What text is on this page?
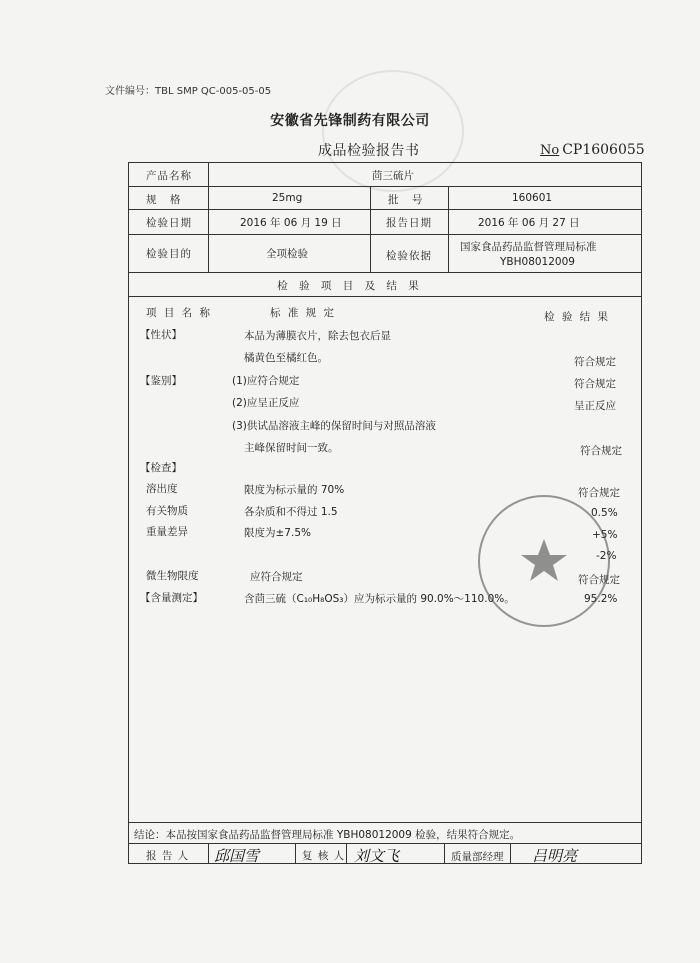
文件编号：TBL SMP QC-005-05-05
安徽省先锋制药有限公司
成品检验报告书	No CP1606055
产品名称	茴三硫片
规    格	25mg	批    号	160601
检验日期	2016 年 06 月 19 日	报告日期	2016 年 06 月 27 日
检验目的	全项检验	检验依据
国家食品药品监督管理局标准
YBH08012009
检 验 项 目 及 结 果
项 目 名 称	标 准 规 定	检 验 结 果
【性状】	本品为薄膜衣片，除去包衣后显
橘黄色至橘红色。	符合规定
【鉴别】	(1)应符合规定	符合规定
(2)应呈正反应	呈正反应
(3)供试品溶液主峰的保留时间与对照品溶液
主峰保留时间一致。	符合规定
【检查】
溶出度	限度为标示量的 70%	符合规定
有关物质	各杂质和不得过 1.5	0.5%
重量差异	限度为±7.5%	+5%
-2%
微生物限度	应符合规定	符合规定
【含量测定】	含茴三硫（C₁₀H₈OS₃）应为标示量的 90.0%～110.0%。	95.2%
结论：本品按国家食品药品监督管理局标准 YBH08012009 检验，结果符合规定。
报 告 人 邱国雪	复 核 人 刘文飞	质量部经理 吕明亮
